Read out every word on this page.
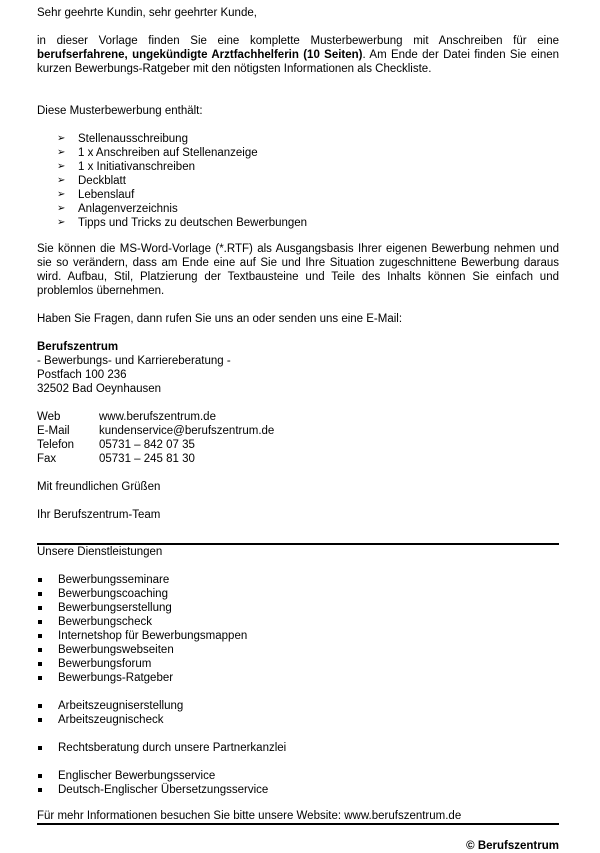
Sehr geehrte Kundin, sehr geehrter Kunde,

in dieser Vorlage finden Sie eine komplette Musterbewerbung mit Anschreiben für eine berufserfahrene, ungekündigte Arztfachhelferin (10 Seiten). Am Ende der Datei finden Sie einen kurzen Bewerbungs-Ratgeber mit den nötigsten Informationen als Checkliste.

Diese Musterbewerbung enthält:

➢ Stellenausschreibung
➢ 1 x Anschreiben auf Stellenanzeige
➢ 1 x Initiativanschreiben
➢ Deckblatt
➢ Lebenslauf
➢ Anlagenverzeichnis
➢ Tipps und Tricks zu deutschen Bewerbungen

Sie können die MS-Word-Vorlage (*.RTF) als Ausgangsbasis Ihrer eigenen Bewerbung nehmen und sie so verändern, dass am Ende eine auf Sie und Ihre Situation zugeschnittene Bewerbung daraus wird. Aufbau, Stil, Platzierung der Textbausteine und Teile des Inhalts können Sie einfach und problemlos übernehmen.

Haben Sie Fragen, dann rufen Sie uns an oder senden uns eine E-Mail:

Berufszentrum

- Bewerbungs- und Karriereberatung -

Postfach 100 236

32502 Bad Oeynhausen

Web	www.berufszentrum.de
E-Mail	kundenservice@berufszentrum.de
Telefon	05731 – 842 07 35
Fax	05731 – 245 81 30

Mit freundlichen Grüßen

Ihr Berufszentrum-Team

Unsere Dienstleistungen

Bewerbungsseminare
Bewerbungscoaching
Bewerbungserstellung
Bewerbungscheck
Internetshop für Bewerbungsmappen
Bewerbungswebseiten
Bewerbungsforum
Bewerbungs-Ratgeber
Arbeitszeugniserstellung
Arbeitszeugnischeck
Rechtsberatung durch unsere Partnerkanzlei
Englischer Bewerbungsservice
Deutsch-Englischer Übersetzungsservice

Für mehr Informationen besuchen Sie bitte unsere Website: www.berufszentrum.de

© Berufszentrum
